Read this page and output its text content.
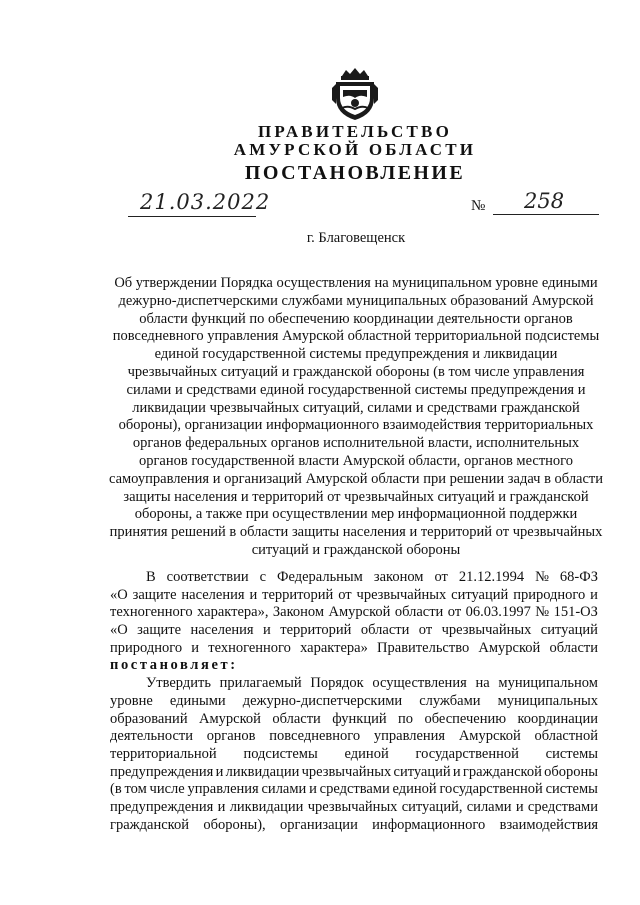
ПРАВИТЕЛЬСТВО
АМУРСКОЙ ОБЛАСТИ
ПОСТАНОВЛЕНИЕ
21.03.2022	№ 258
г. Благовещенск
Об утверждении Порядка осуществления на муниципальном уровне едиными
дежурно-диспетчерскими службами муниципальных образований Амурской
области функций по обеспечению координации деятельности органов
повседневного управления Амурской областной территориальной подсистемы
единой государственной системы предупреждения и ликвидации
чрезвычайных ситуаций и гражданской обороны (в том числе управления
силами и средствами единой государственной системы предупреждения и
ликвидации чрезвычайных ситуаций, силами и средствами гражданской
обороны), организации информационного взаимодействия территориальных
органов федеральных органов исполнительной власти, исполнительных
органов государственной власти Амурской области, органов местного
самоуправления и организаций Амурской области при решении задач в области
защиты населения и территорий от чрезвычайных ситуаций и гражданской
обороны, а также при осуществлении мер информационной поддержки
принятия решений в области защиты населения и территорий от чрезвычайных
ситуаций и гражданской обороны
В соответствии с Федеральным законом от 21.12.1994 № 68-ФЗ
«О защите населения и территорий от чрезвычайных ситуаций природного и
техногенного характера», Законом Амурской области от 06.03.1997 № 151-ОЗ
«О защите населения и территорий области от чрезвычайных ситуаций
природного и техногенного характера» Правительство Амурской области
постановляет:
Утвердить прилагаемый Порядок осуществления на муниципальном
уровне едиными дежурно-диспетчерскими службами муниципальных
образований Амурской области функций по обеспечению координации
деятельности органов повседневного управления Амурской областной
территориальной подсистемы единой государственной системы
предупреждения и ликвидации чрезвычайных ситуаций и гражданской обороны
(в том числе управления силами и средствами единой государственной системы
предупреждения и ликвидации чрезвычайных ситуаций, силами и средствами
гражданской обороны), организации информационного взаимодействия
